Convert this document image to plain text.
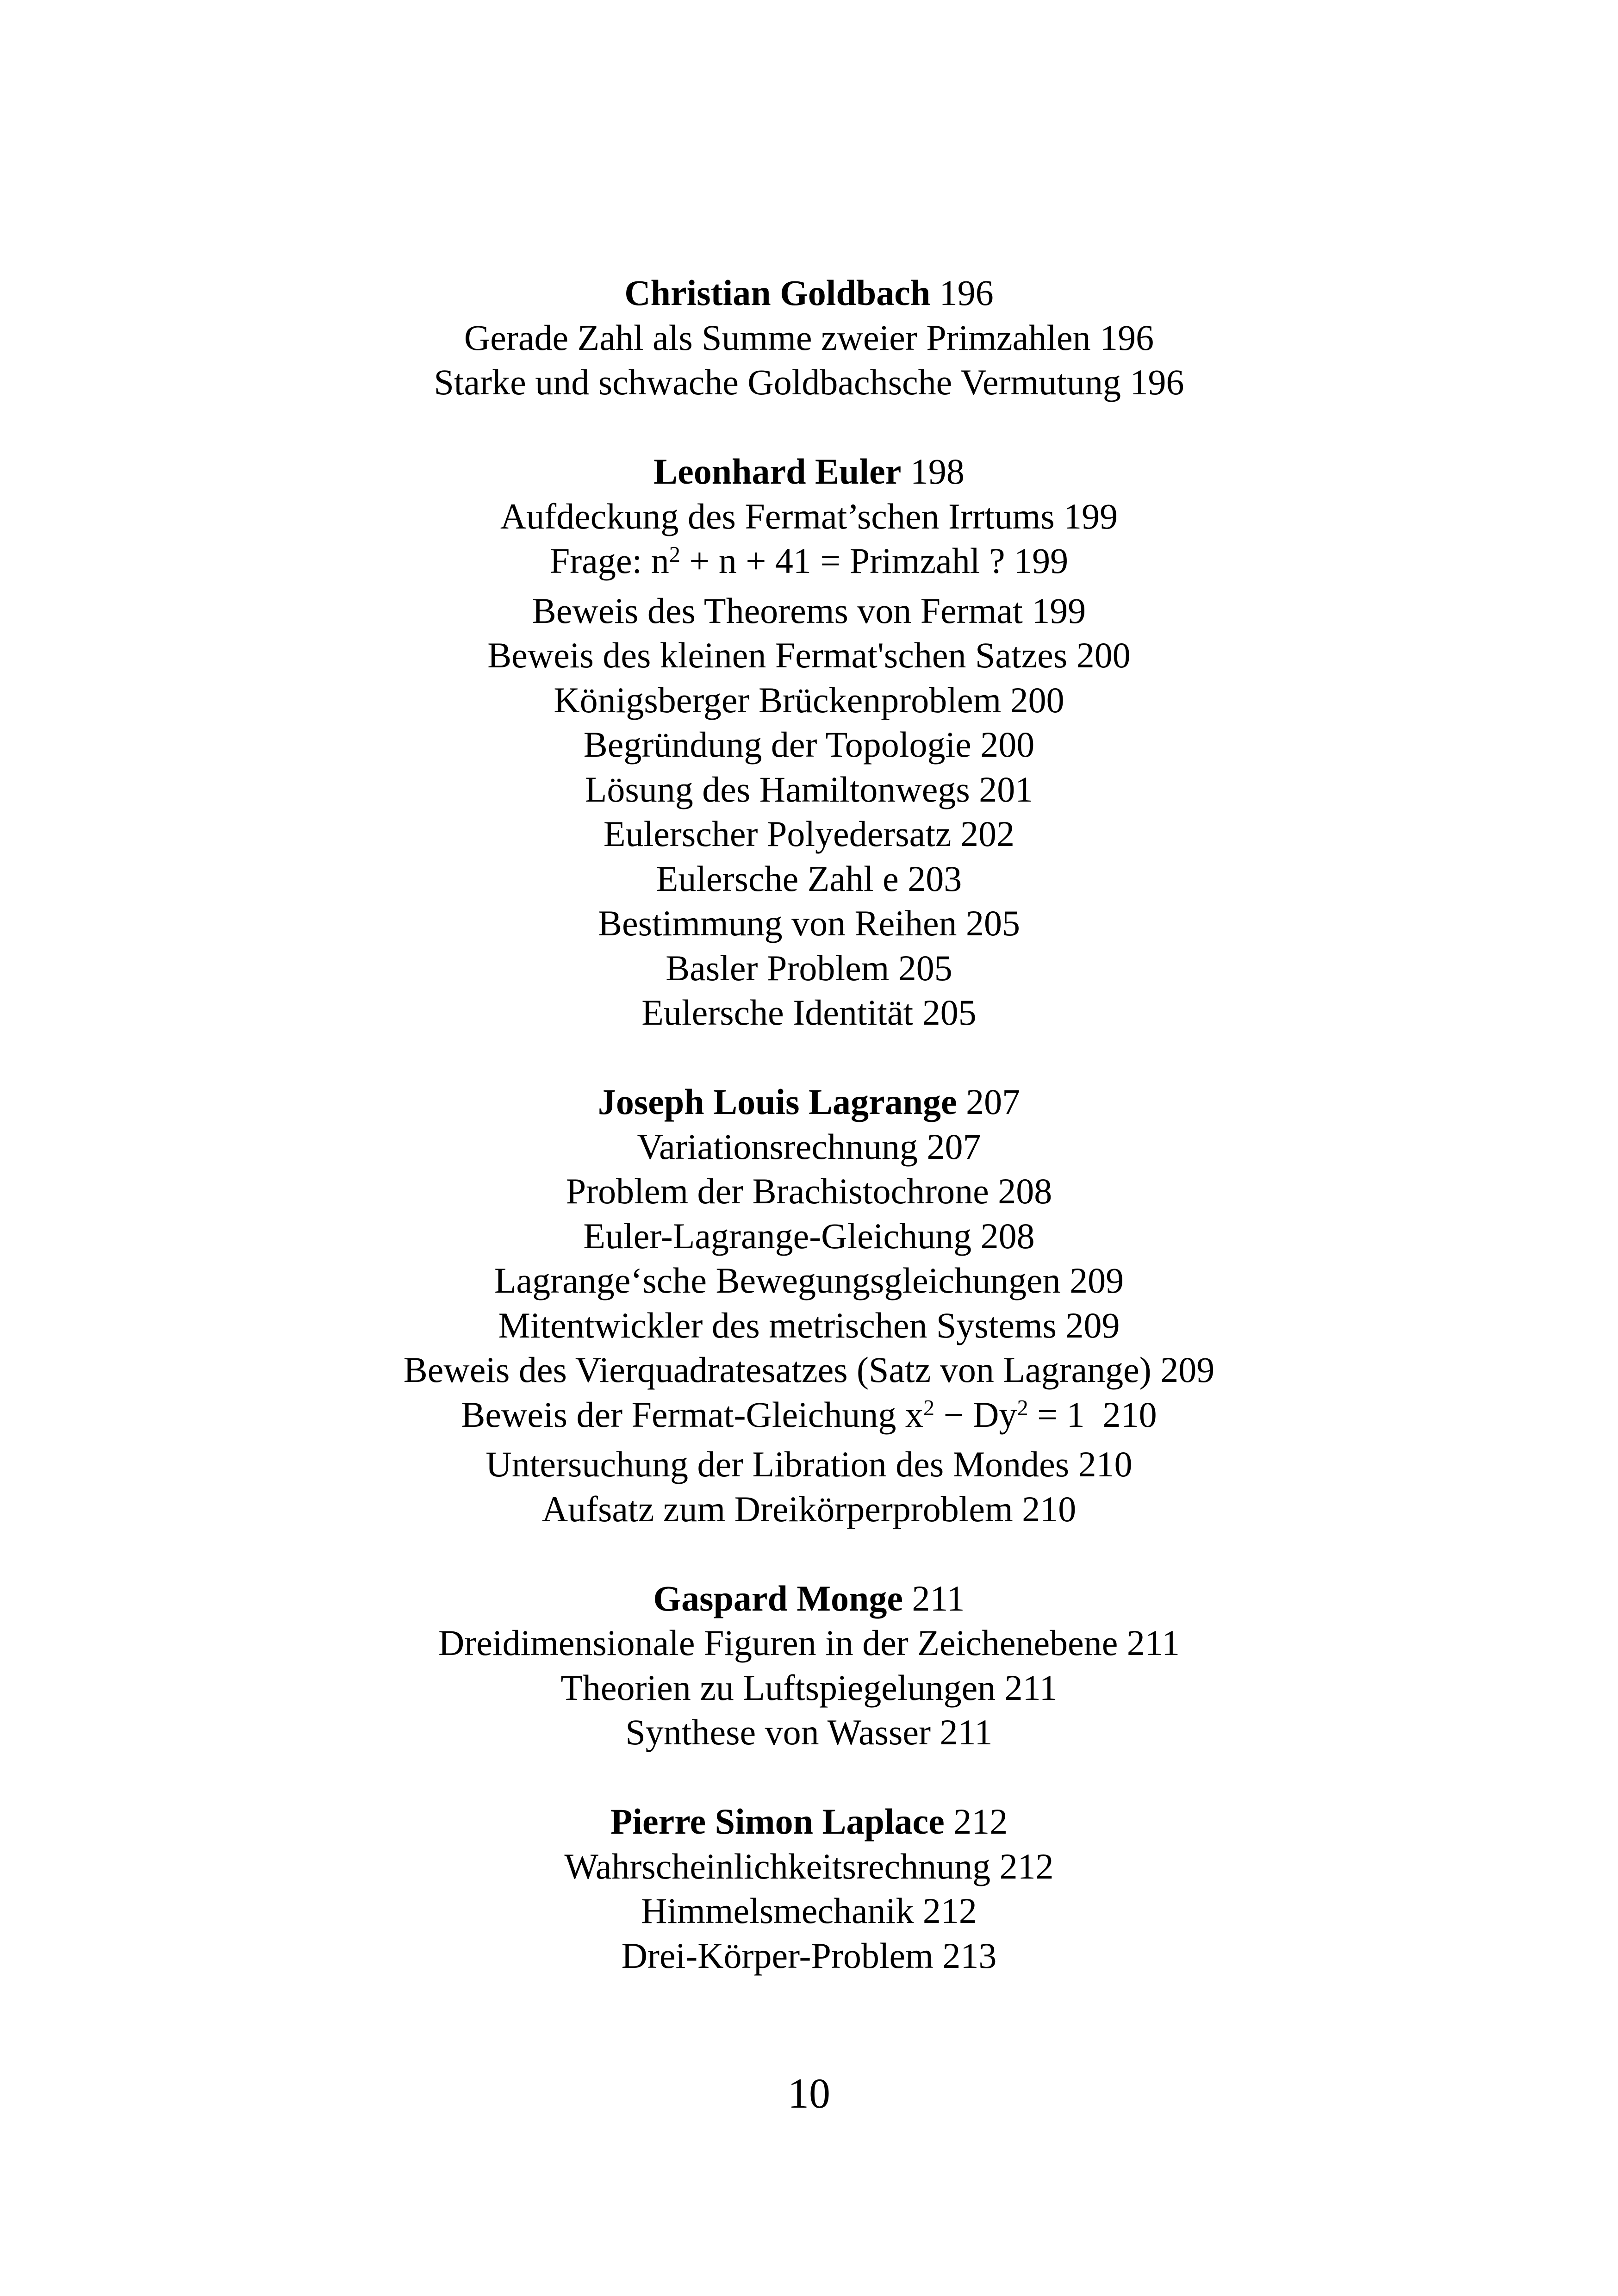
Christian Goldbach 196
Gerade Zahl als Summe zweier Primzahlen 196
Starke und schwache Goldbachsche Vermutung 196
Leonhard Euler 198
Aufdeckung des Fermat’schen Irrtums 199
Frage: $n^2 + n + 41$ = Primzahl ? 199
Beweis des Theorems von Fermat 199
Beweis des kleinen Fermat'schen Satzes 200
Königsberger Brückenproblem 200
Begründung der Topologie 200
Lösung des Hamiltonwegs 201
Eulerscher Polyedersatz 202
Eulersche Zahl e 203
Bestimmung von Reihen 205
Basler Problem 205
Eulersche Identität 205
Joseph Louis Lagrange 207
Variationsrechnung 207
Problem der Brachistochrone 208
Euler-Lagrange-Gleichung 208
Lagrange‘sche Bewegungsgleichungen 209
Mitentwickler des metrischen Systems 209
Beweis des Vierquadratesatzes (Satz von Lagrange) 209
Beweis der Fermat-Gleichung $x^2 - Dy^2 = 1$  210
Untersuchung der Libration des Mondes 210
Aufsatz zum Dreikörperproblem 210
Gaspard Monge 211
Dreidimensionale Figuren in der Zeichenebene 211
Theorien zu Luftspiegelungen 211
Synthese von Wasser 211
Pierre Simon Laplace 212
Wahrscheinlichkeitsrechnung 212
Himmelsmechanik 212
Drei-Körper-Problem 213
10
